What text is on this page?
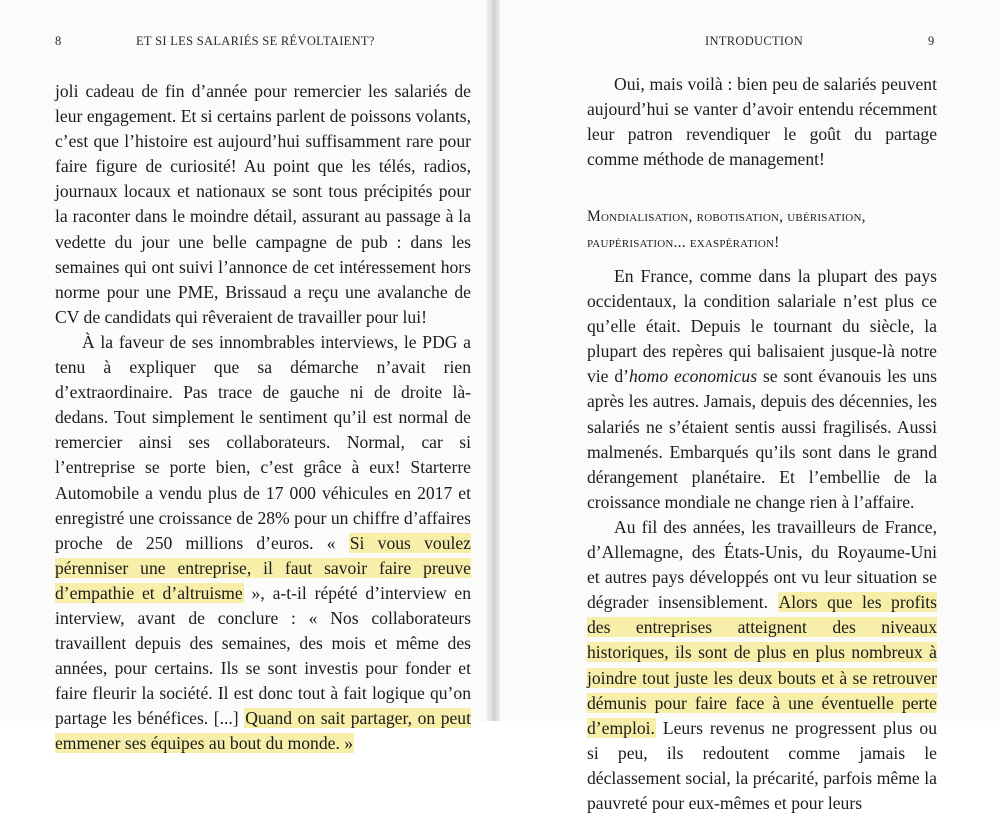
8	ET SI LES SALARIÉS SE RÉVOLTAIENT?

joli cadeau de fin d’année pour remercier les salariés de leur engagement. Et si certains parlent de poissons volants, c’est que l’histoire est aujourd’hui suffisamment rare pour faire figure de curiosité! Au point que les télés, radios, journaux locaux et nationaux se sont tous précipités pour la raconter dans le moindre détail, assurant au passage à la vedette du jour une belle campagne de pub : dans les semaines qui ont suivi l’annonce de cet intéressement hors norme pour une PME, Brissaud a reçu une avalanche de CV de candidats qui rêveraient de travailler pour lui!

À la faveur de ses innombrables interviews, le PDG a tenu à expliquer que sa démarche n’avait rien d’extraordinaire. Pas trace de gauche ni de droite là-dedans. Tout simplement le sentiment qu’il est normal de remercier ainsi ses collaborateurs. Normal, car si l’entreprise se porte bien, c’est grâce à eux! Starterre Automobile a vendu plus de 17 000 véhicules en 2017 et enregistré une croissance de 28% pour un chiffre d’affaires proche de 250 millions d’euros. « Si vous voulez pérenniser une entreprise, il faut savoir faire preuve d’empathie et d’altruisme », a-t-il répété d’interview en interview, avant de conclure : « Nos collaborateurs travaillent depuis des semaines, des mois et même des années, pour certains. Ils se sont investis pour fonder et faire fleurir la société. Il est donc tout à fait logique qu’on partage les bénéfices. [...] Quand on sait partager, on peut emmener ses équipes au bout du monde. »

INTRODUCTION	9

Oui, mais voilà : bien peu de salariés peuvent aujourd’hui se vanter d’avoir entendu récemment leur patron revendiquer le goût du partage comme méthode de management!

Mondialisation, robotisation, ubérisation, paupérisation... exaspération!

En France, comme dans la plupart des pays occidentaux, la condition salariale n’est plus ce qu’elle était. Depuis le tournant du siècle, la plupart des repères qui balisaient jusque-là notre vie d’homo economicus se sont évanouis les uns après les autres. Jamais, depuis des décennies, les salariés ne s’étaient sentis aussi fragilisés. Aussi malmenés. Embarqués qu’ils sont dans le grand dérangement planétaire. Et l’embellie de la croissance mondiale ne change rien à l’affaire.

Au fil des années, les travailleurs de France, d’Allemagne, des États-Unis, du Royaume-Uni et autres pays développés ont vu leur situation se dégrader insensiblement. Alors que les profits des entreprises atteignent des niveaux historiques, ils sont de plus en plus nombreux à joindre tout juste les deux bouts et à se retrouver démunis pour faire face à une éventuelle perte d’emploi. Leurs revenus ne progressent plus ou si peu, ils redoutent comme jamais le déclassement social, la précarité, parfois même la pauvreté pour eux-mêmes et pour leurs
